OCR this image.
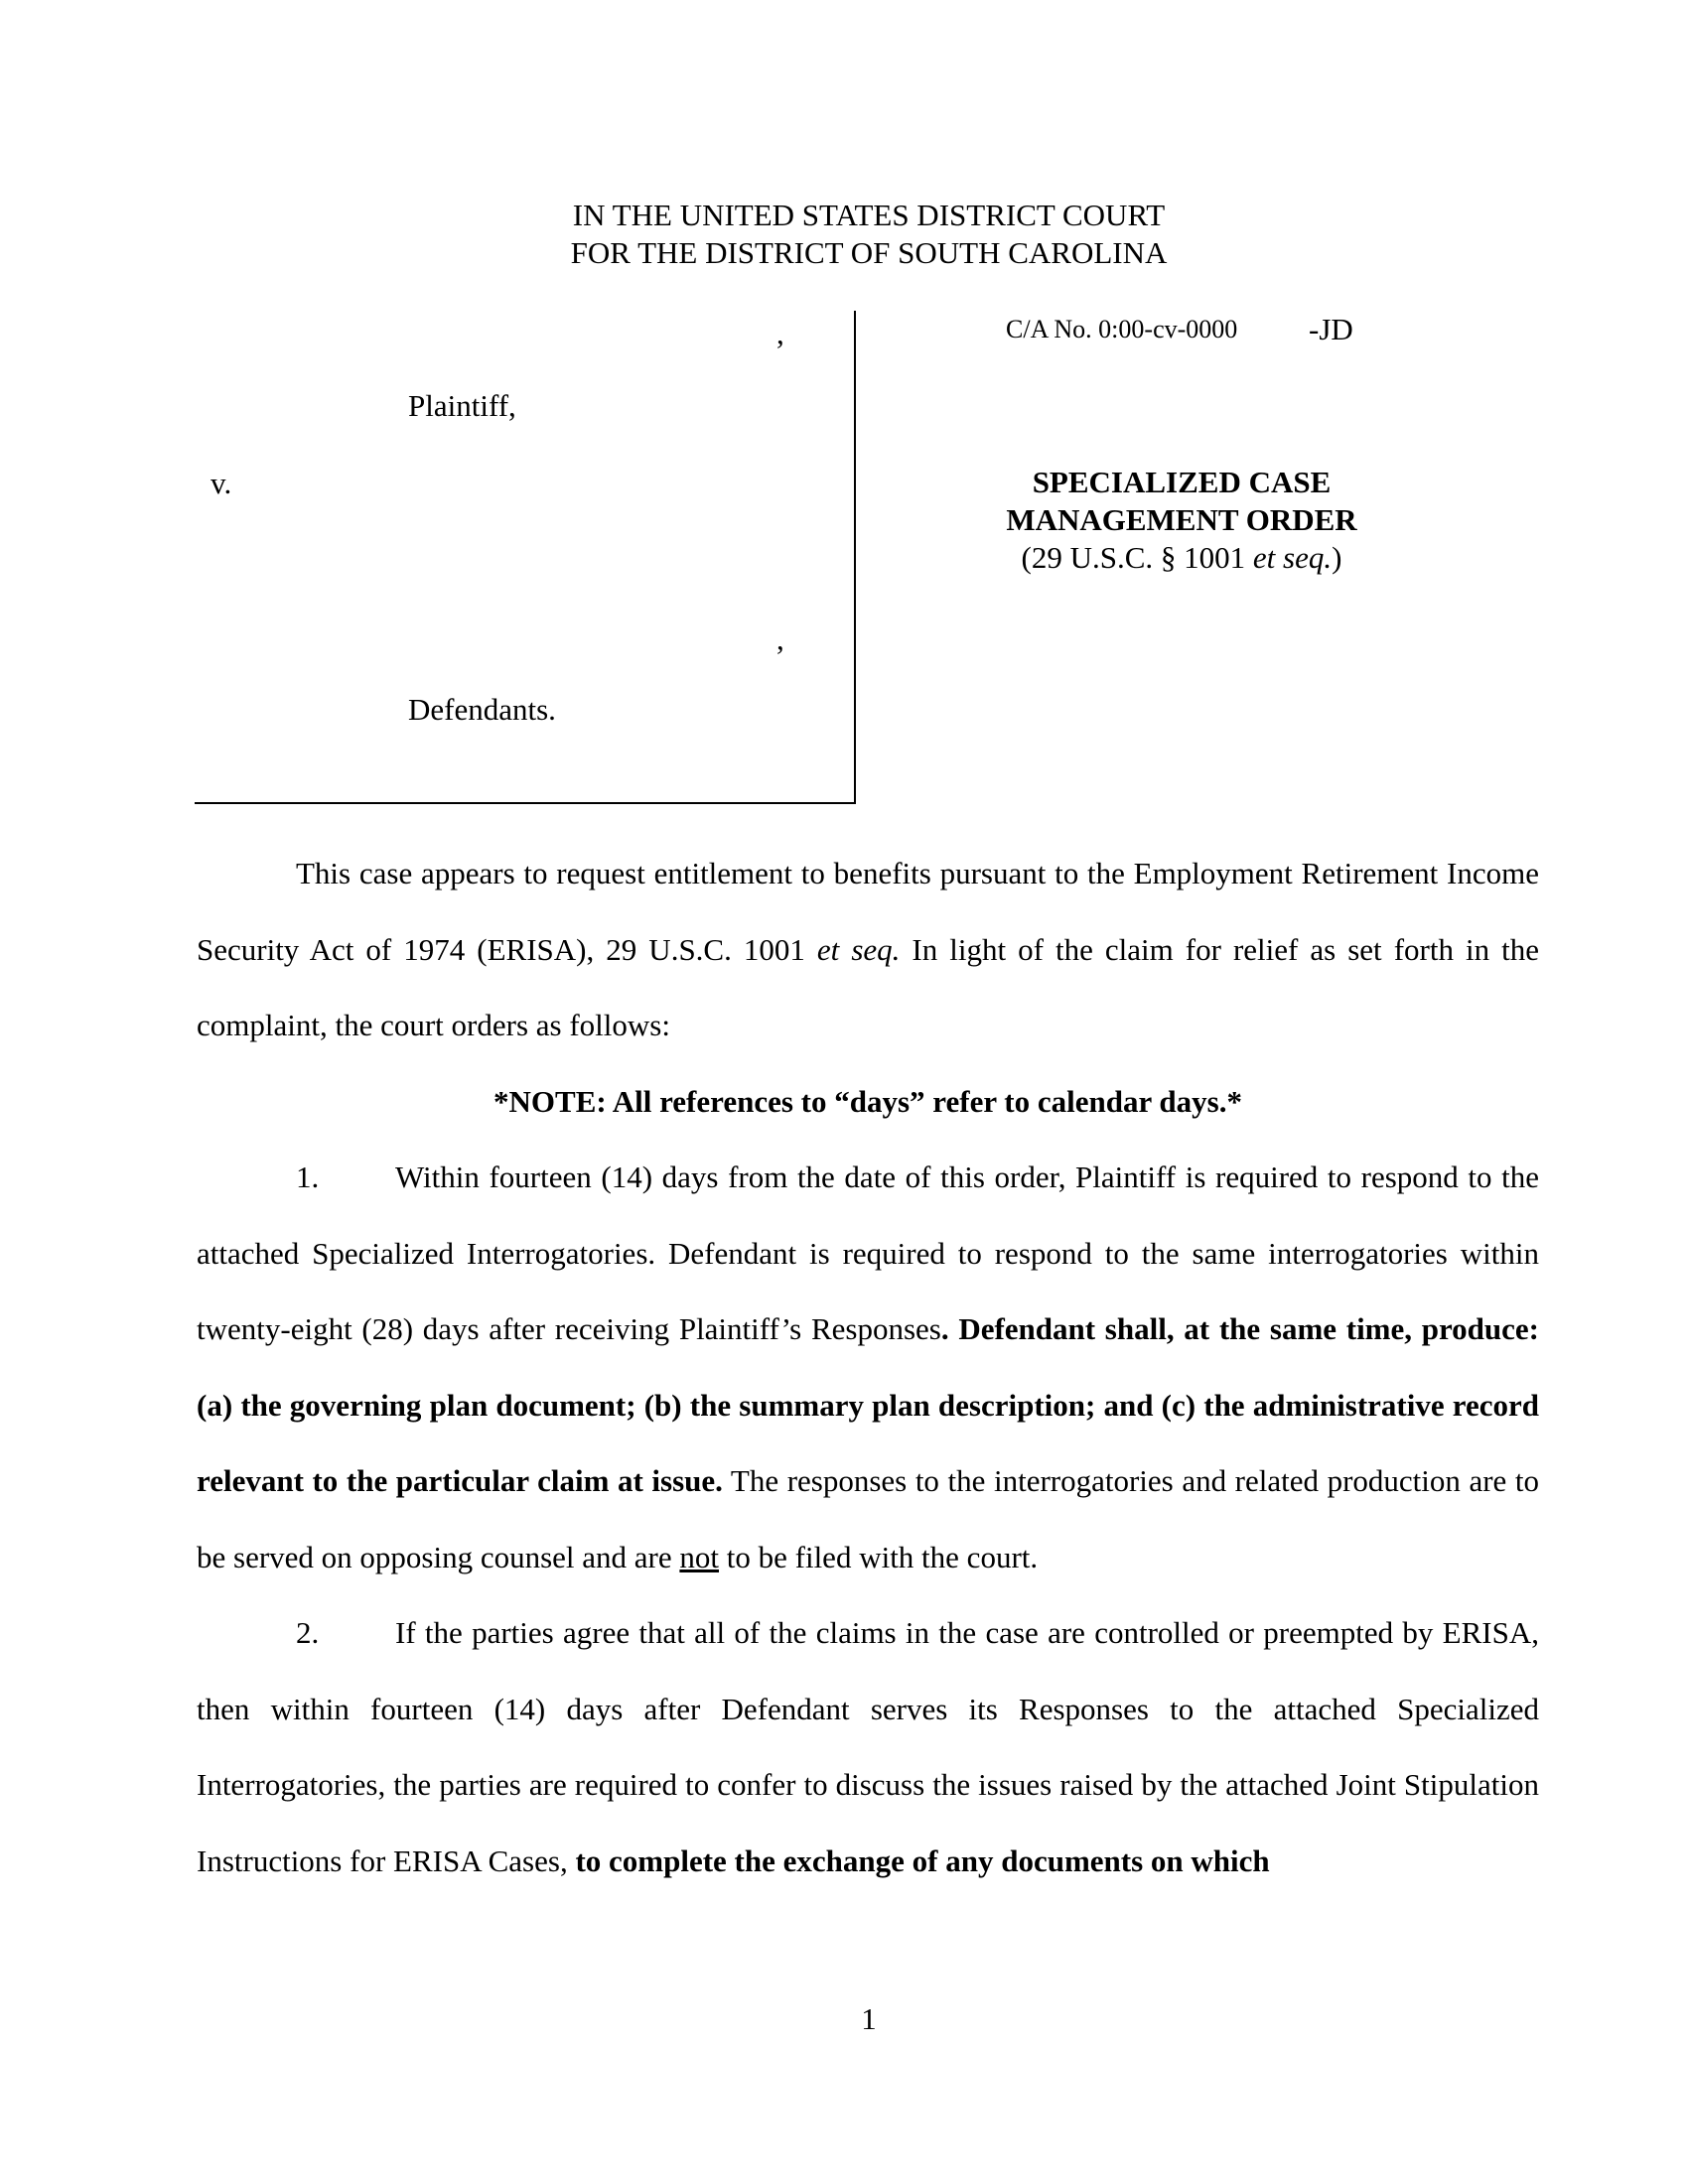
IN THE UNITED STATES DISTRICT COURT
FOR THE DISTRICT OF SOUTH CAROLINA
,
Plaintiff,
v.
,
Defendants.
C/A No. 0:00-cv-0000 -JD
SPECIALIZED CASE
MANAGEMENT ORDER
(29 U.S.C. § 1001 et seq.)

This case appears to request entitlement to benefits pursuant to the Employment Retirement Income Security Act of 1974 (ERISA), 29 U.S.C. 1001 et seq. In light of the claim for relief as set forth in the complaint, the court orders as follows:

*NOTE: All references to “days” refer to calendar days.*

1. Within fourteen (14) days from the date of this order, Plaintiff is required to respond to the attached Specialized Interrogatories. Defendant is required to respond to the same interrogatories within twenty-eight (28) days after receiving Plaintiff’s Responses. Defendant shall, at the same time, produce: (a) the governing plan document; (b) the summary plan description; and (c) the administrative record relevant to the particular claim at issue. The responses to the interrogatories and related production are to be served on opposing counsel and are not to be filed with the court.

2. If the parties agree that all of the claims in the case are controlled or preempted by ERISA, then within fourteen (14) days after Defendant serves its Responses to the attached Specialized Interrogatories, the parties are required to confer to discuss the issues raised by the attached Joint Stipulation Instructions for ERISA Cases, to complete the exchange of any documents on which

1
